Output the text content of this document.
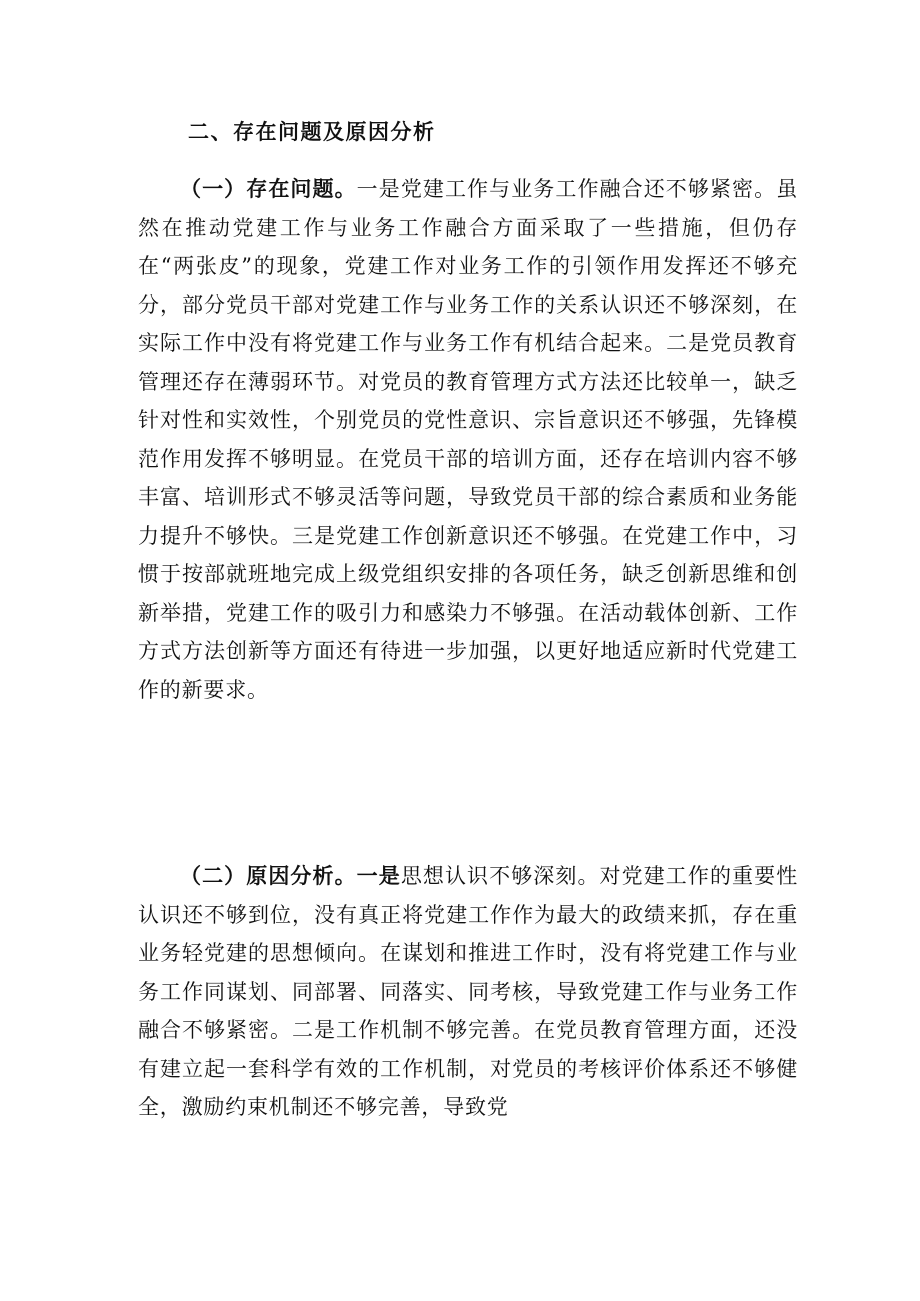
二、存在问题及原因分析

（一）存在问题。一是党建工作与业务工作融合还不够紧密。虽然在推动党建工作与业务工作融合方面采取了一些措施，但仍存在“两张皮”的现象，党建工作对业务工作的引领作用发挥还不够充分，部分党员干部对党建工作与业务工作的关系认识还不够深刻，在实际工作中没有将党建工作与业务工作有机结合起来。二是党员教育管理还存在薄弱环节。对党员的教育管理方式方法还比较单一，缺乏针对性和实效性，个别党员的党性意识、宗旨意识还不够强，先锋模范作用发挥不够明显。在党员干部的培训方面，还存在培训内容不够丰富、培训形式不够灵活等问题，导致党员干部的综合素质和业务能力提升不够快。三是党建工作创新意识还不够强。在党建工作中，习惯于按部就班地完成上级党组织安排的各项任务，缺乏创新思维和创新举措，党建工作的吸引力和感染力不够强。在活动载体创新、工作方式方法创新等方面还有待进一步加强，以更好地适应新时代党建工作的新要求。

（二）原因分析。一是思想认识不够深刻。对党建工作的重要性认识还不够到位，没有真正将党建工作作为最大的政绩来抓，存在重业务轻党建的思想倾向。在谋划和推进工作时，没有将党建工作与业务工作同谋划、同部署、同落实、同考核，导致党建工作与业务工作融合不够紧密。二是工作机制不够完善。在党员教育管理方面，还没有建立起一套科学有效的工作机制，对党员的考核评价体系还不够健全，激励约束机制还不够完善，导致党
